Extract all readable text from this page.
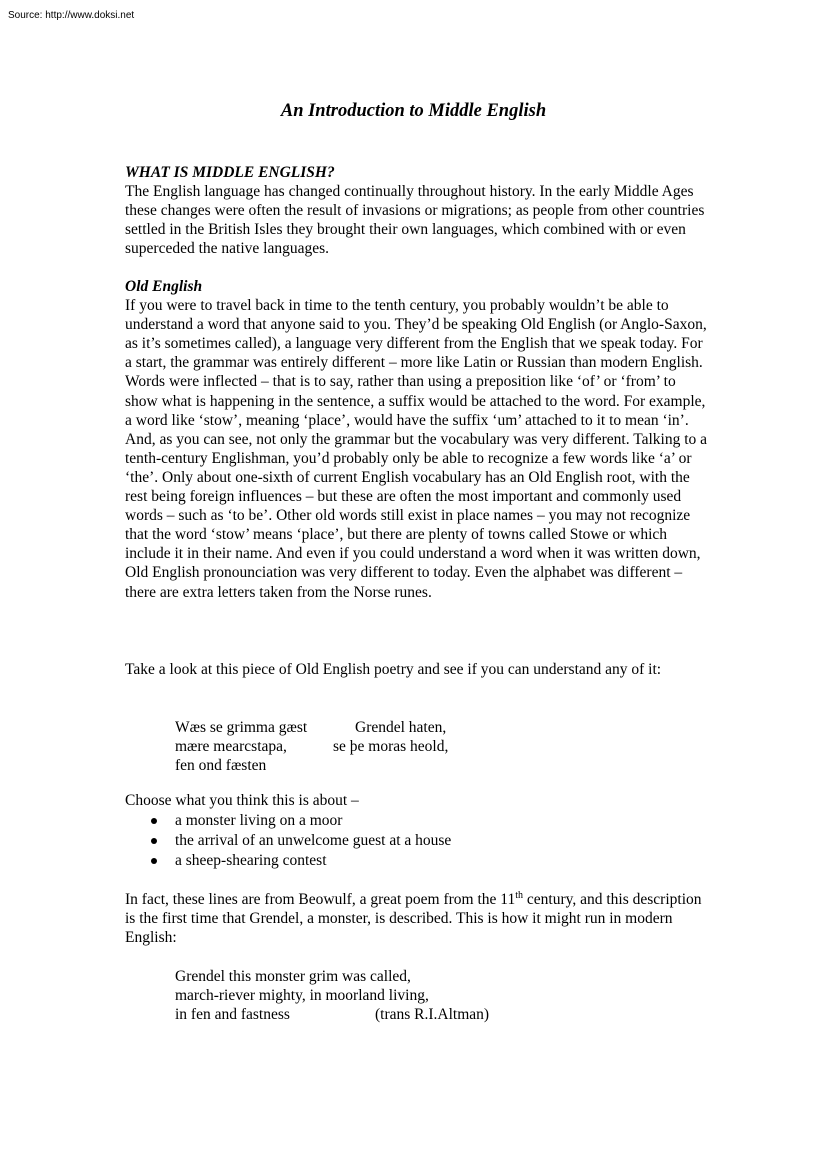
Source: http://www.doksi.net
An Introduction to Middle English
WHAT IS MIDDLE ENGLISH?

The English language has changed continually throughout history. In the early Middle Ages these changes were often the result of invasions or migrations; as people from other countries settled in the British Isles they brought their own languages, which combined with or even superceded the native languages.

Old English

If you were to travel back in time to the tenth century, you probably wouldn’t be able to understand a word that anyone said to you. They’d be speaking Old English (or Anglo-Saxon, as it’s sometimes called), a language very different from the English that we speak today. For a start, the grammar was entirely different – more like Latin or Russian than modern English. Words were inflected – that is to say, rather than using a preposition like ‘of’ or ‘from’ to show what is happening in the sentence, a suffix would be attached to the word. For example, a word like ‘stow’, meaning ‘place’, would have the suffix ‘um’ attached to it to mean ‘in’. And, as you can see, not only the grammar but the vocabulary was very different. Talking to a tenth-century Englishman, you’d probably only be able to recognize a few words like ‘a’ or ‘the’. Only about one-sixth of current English vocabulary has an Old English root, with the rest being foreign influences – but these are often the most important and commonly used words – such as ‘to be’. Other old words still exist in place names – you may not recognize that the word ‘stow’ means ‘place’, but there are plenty of towns called Stowe or which include it in their name. And even if you could understand a word when it was written down, Old English pronounciation was very different to today. Even the alphabet was different – there are extra letters taken from the Norse runes.

Take a look at this piece of Old English poetry and see if you can understand any of it:

Wæs se grimma gæst	Grendel haten,
mære mearcstapa,	se þe moras heold,
fen ond fæsten

Choose what you think this is about –

a monster living on a moor
the arrival of an unwelcome guest at a house
a sheep-shearing contest

In fact, these lines are from Beowulf, a great poem from the 11th century, and this description is the first time that Grendel, a monster, is described. This is how it might run in modern English:

Grendel this monster grim was called,
march-riever mighty, in moorland living,
in fen and fastness	(trans R.I.Altman)
